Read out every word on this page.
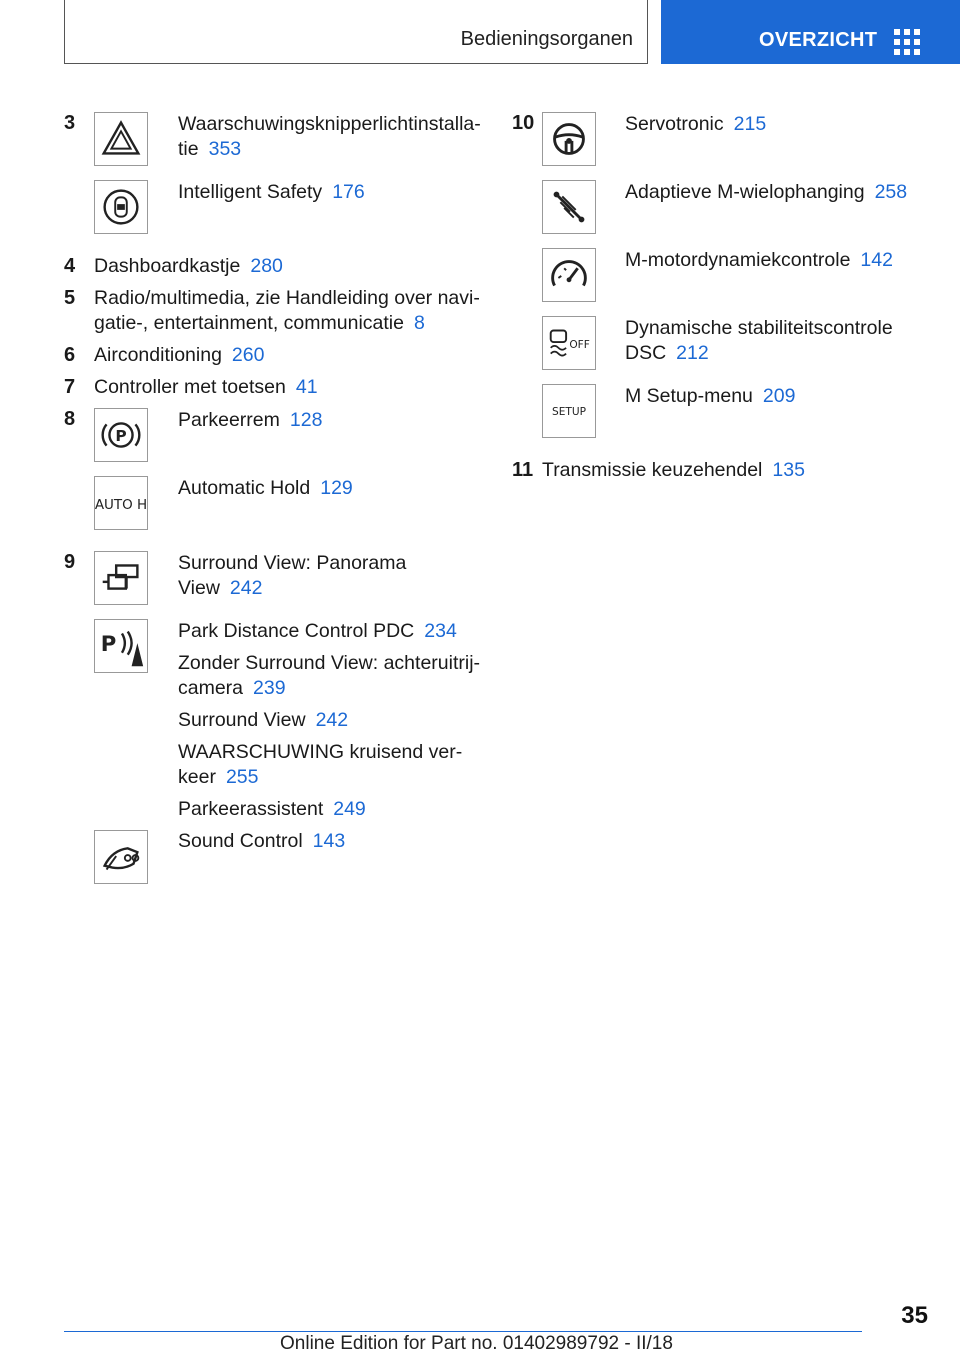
Bedieningsorganen	OVERZICHT
3	Waarschuwingsknipperlichtinstalla-
tie 353
Intelligent Safety 176
4 Dashboardkastje 280
5 Radio/multimedia, zie Handleiding over navi-
gatie-, entertainment, communicatie 8
6 Airconditioning 260
7 Controller met toetsen 41
8
P
Parkeerrem 128
AUTO H
Automatic Hold 129
9	Surround View: Panorama
View 242
P	Park Distance Control PDC 234
Zonder Surround View: achteruitrij-
camera 239
Surround View 242
WAARSCHUWING kruisend ver-
keer 255
Parkeerassistent 249
Sound Control 143
10	Servotronic 215
Adaptieve M-wielophanging 258
M-motordynamiekcontrole 142
OFF
Dynamische stabiliteitscontrole
DSC 212
SETUP
M Setup-menu 209
11 Transmissie keuzehendel 135
35
Online Edition for Part no. 01402989792 - II/18
